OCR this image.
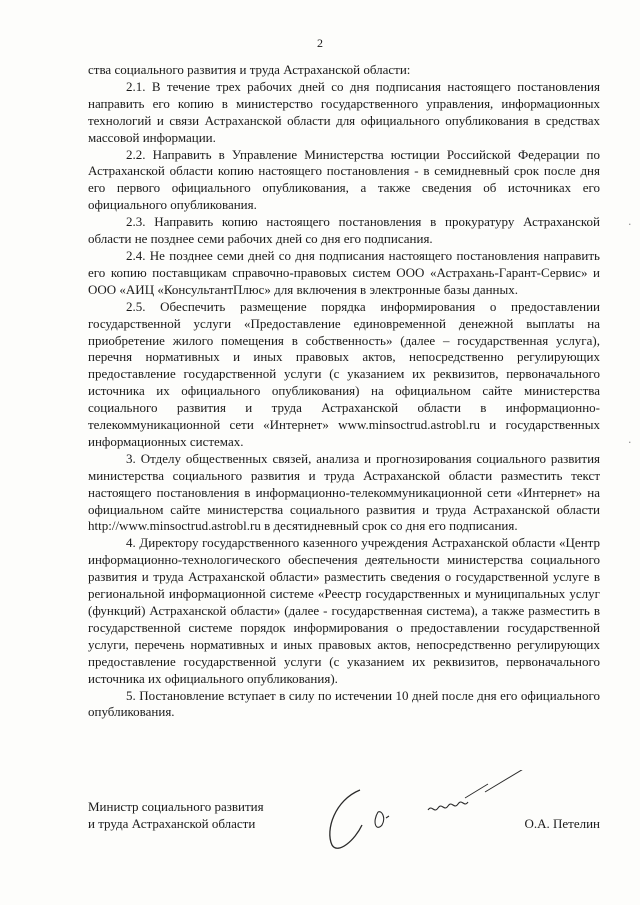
2

ства социального развития и труда Астраханской области:

2.1. В течение трех рабочих дней со дня подписания настоящего постановления направить его копию в министерство государственного управления, информационных технологий и связи Астраханской области для официального опубликования в средствах массовой информации.

2.2. Направить в Управление Министерства юстиции Российской Федерации по Астраханской области копию настоящего постановления - в семидневный срок после дня его первого официального опубликования, а также сведения об источниках его официального опубликования.

2.3. Направить копию настоящего постановления в прокуратуру Астраханской области не позднее семи рабочих дней со дня его подписания.

2.4. Не позднее семи дней со дня подписания настоящего постановления направить его копию поставщикам справочно-правовых систем ООО «Астрахань-Гарант-Сервис» и ООО «АИЦ «КонсультантПлюс» для включения в электронные базы данных.

2.5. Обеспечить размещение порядка информирования о предоставлении государственной услуги «Предоставление единовременной денежной выплаты на приобретение жилого помещения в собственность» (далее – государственная услуга), перечня нормативных и иных правовых актов, непосредственно регулирующих предоставление государственной услуги (с указанием их реквизитов, первоначального источника их официального опубликования) на официальном сайте министерства социального развития и труда Астраханской области в информационно-телекоммуникационной сети «Интернет» www.minsoctrud.astrobl.ru и государственных информационных системах.

3. Отделу общественных связей, анализа и прогнозирования социального развития министерства социального развития и труда Астраханской области разместить текст настоящего постановления в информационно-телекоммуникационной сети «Интернет» на официальном сайте министерства социального развития и труда Астраханской области http://www.minsoctrud.astrobl.ru в десятидневный срок со дня его подписания.

4. Директору государственного казенного учреждения Астраханской области «Центр информационно-технологического обеспечения деятельности министерства социального развития и труда Астраханской области» разместить сведения о государственной услуге в региональной информационной системе «Реестр государственных и муниципальных услуг (функций) Астраханской области» (далее - государственная система), а также разместить в государственной системе порядок информирования о предоставлении государственной услуги, перечень нормативных и иных правовых актов, непосредственно регулирующих предоставление государственной услуги (с указанием их реквизитов, первоначального источника их официального опубликования).

5. Постановление вступает в силу по истечении 10 дней после дня его официального опубликования.

Министр социального развития
и труда Астраханской области	О.А. Петелин
·
·
